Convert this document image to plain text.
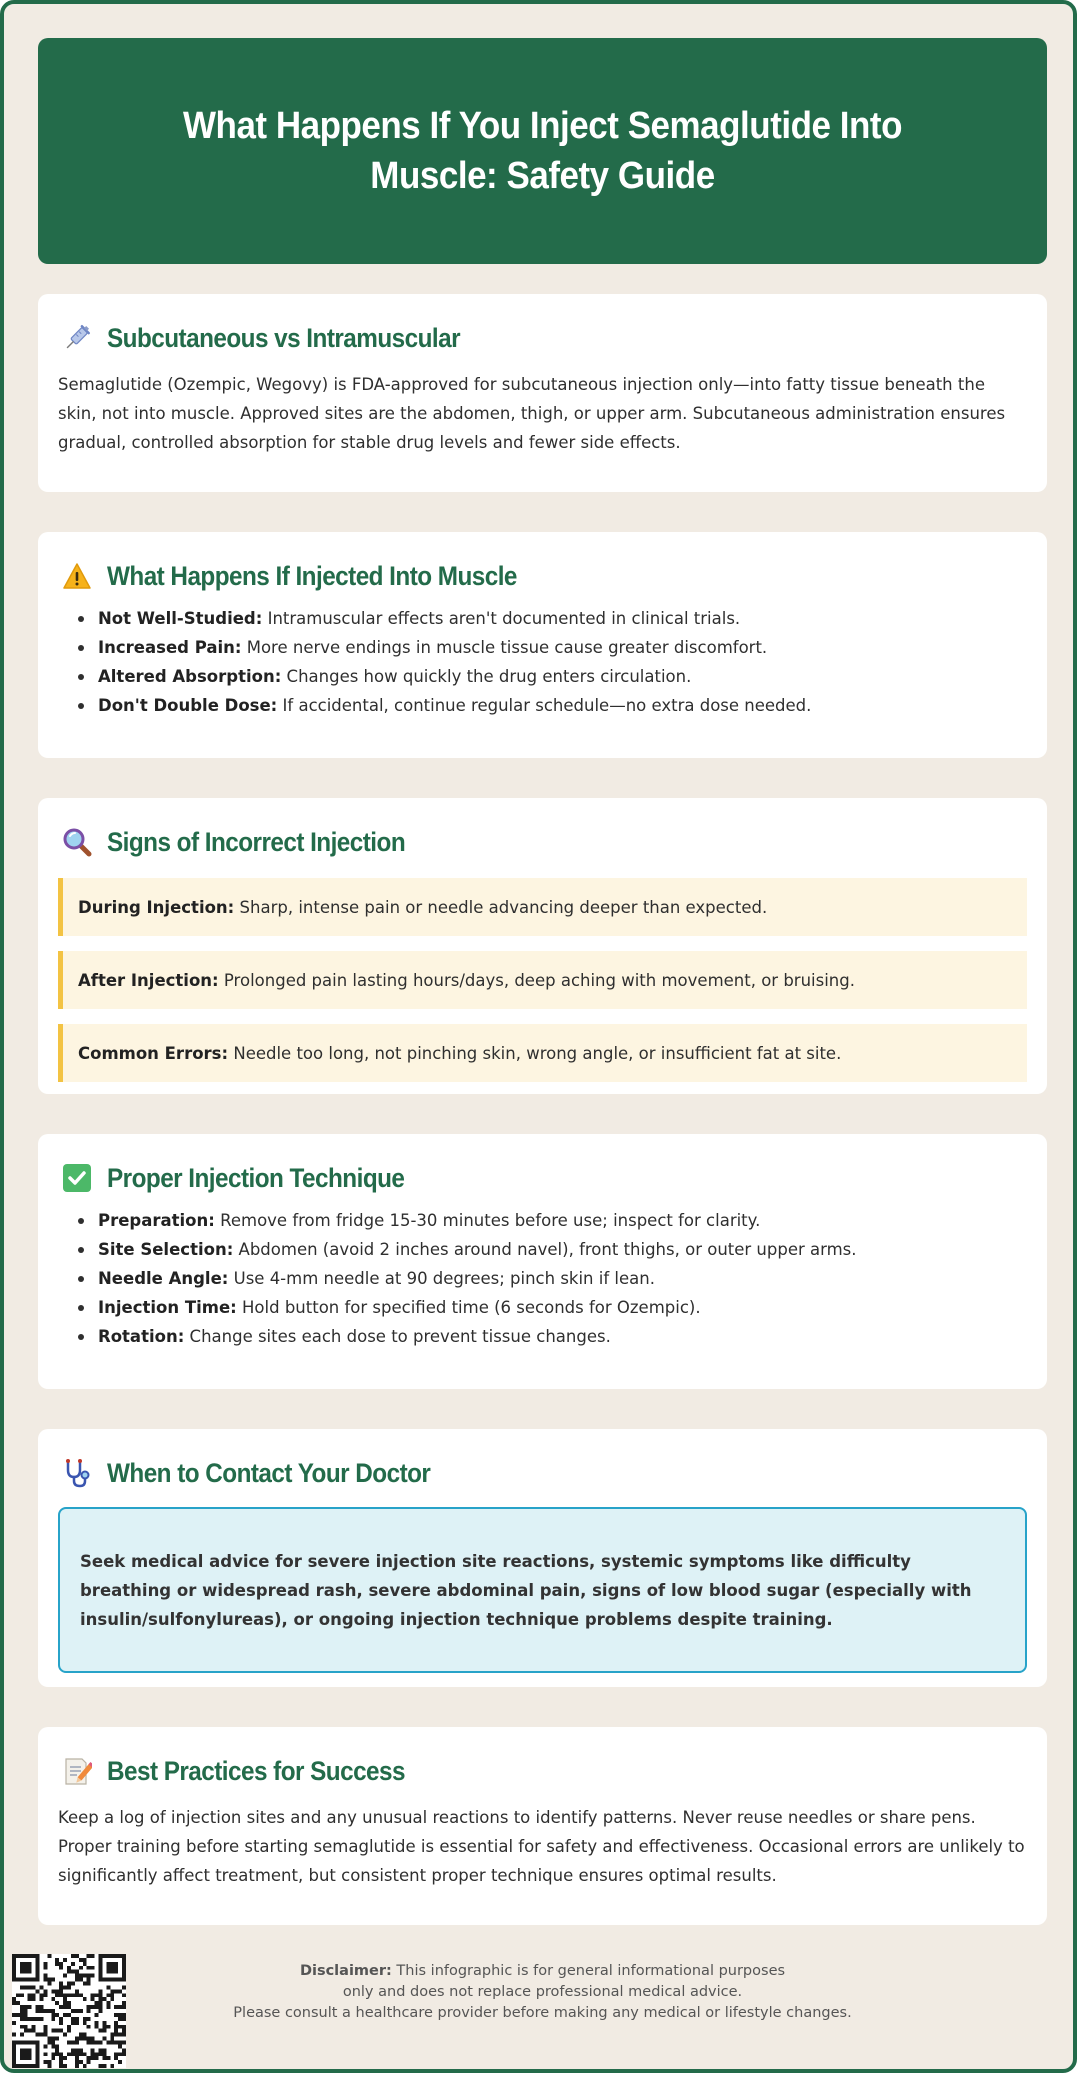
What Happens If You Inject Semaglutide Into Muscle: Safety Guide
Subcutaneous vs Intramuscular

Semaglutide (Ozempic, Wegovy) is FDA-approved for subcutaneous injection only—into fatty tissue beneath the skin, not into muscle. Approved sites are the abdomen, thigh, or upper arm. Subcutaneous administration ensures gradual, controlled absorption for stable drug levels and fewer side effects.

What Happens If Injected Into Muscle
Not Well-Studied: Intramuscular effects aren't documented in clinical trials.
Increased Pain: More nerve endings in muscle tissue cause greater discomfort.
Altered Absorption: Changes how quickly the drug enters circulation.
Don't Double Dose: If accidental, continue regular schedule—no extra dose needed.
Signs of Incorrect Injection
During Injection: Sharp, intense pain or needle advancing deeper than expected.
After Injection: Prolonged pain lasting hours/days, deep aching with movement, or bruising.
Common Errors: Needle too long, not pinching skin, wrong angle, or insufficient fat at site.
Proper Injection Technique
Preparation: Remove from fridge 15-30 minutes before use; inspect for clarity.
Site Selection: Abdomen (avoid 2 inches around navel), front thighs, or outer upper arms.
Needle Angle: Use 4-mm needle at 90 degrees; pinch skin if lean.
Injection Time: Hold button for specified time (6 seconds for Ozempic).
Rotation: Change sites each dose to prevent tissue changes.
When to Contact Your Doctor

Seek medical advice for severe injection site reactions, systemic symptoms like difficulty breathing or widespread rash, severe abdominal pain, signs of low blood sugar (especially with insulin/sulfonylureas), or ongoing injection technique problems despite training.

Best Practices for Success

Keep a log of injection sites and any unusual reactions to identify patterns. Never reuse needles or share pens. Proper training before starting semaglutide is essential for safety and effectiveness. Occasional errors are unlikely to significantly affect treatment, but consistent proper technique ensures optimal results.

Disclaimer: This infographic is for general informational purposes
only and does not replace professional medical advice.
Please consult a healthcare provider before making any medical or lifestyle changes.
